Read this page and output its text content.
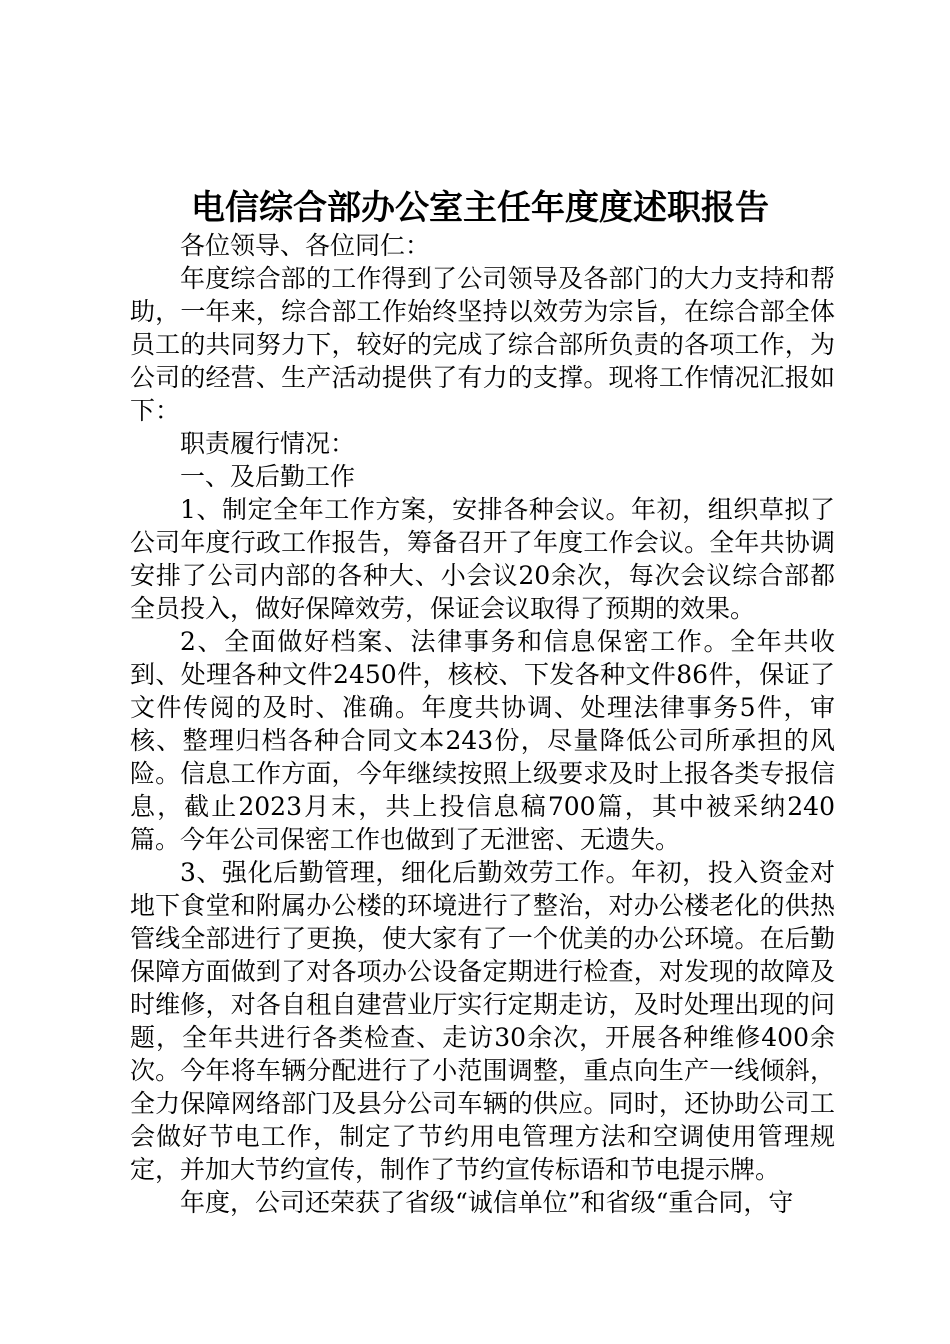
电信综合部办公室主任年度度述职报告

各位领导、各位同仁：

年度综合部的工作得到了公司领导及各部门的大力支持和帮助，一年来，综合部工作始终坚持以效劳为宗旨，在综合部全体员工的共同努力下，较好的完成了综合部所负责的各项工作，为公司的经营、生产活动提供了有力的支撑。现将工作情况汇报如下：

职责履行情况：

一、及后勤工作

1、制定全年工作方案，安排各种会议。年初，组织草拟了公司年度行政工作报告，筹备召开了年度工作会议。全年共协调安排了公司内部的各种大、小会议20余次，每次会议综合部都全员投入，做好保障效劳，保证会议取得了预期的效果。

2、全面做好档案、法律事务和信息保密工作。全年共收到、处理各种文件2450件，核校、下发各种文件86件，保证了文件传阅的及时、准确。年度共协调、处理法律事务5件，审核、整理归档各种合同文本243份，尽量降低公司所承担的风险。信息工作方面，今年继续按照上级要求及时上报各类专报信息，截止2023月末，共上投信息稿700篇，其中被采纳240篇。今年公司保密工作也做到了无泄密、无遗失。

3、强化后勤管理，细化后勤效劳工作。年初，投入资金对地下食堂和附属办公楼的环境进行了整治，对办公楼老化的供热管线全部进行了更换，使大家有了一个优美的办公环境。在后勤保障方面做到了对各项办公设备定期进行检查，对发现的故障及时维修，对各自租自建营业厅实行定期走访，及时处理出现的问题，全年共进行各类检查、走访30余次，开展各种维修400余次。今年将车辆分配进行了小范围调整，重点向生产一线倾斜，全力保障网络部门及县分公司车辆的供应。同时，还协助公司工会做好节电工作，制定了节约用电管理方法和空调使用管理规定，并加大节约宣传，制作了节约宣传标语和节电提示牌。

年度，公司还荣获了省级“诚信单位”和省级“重合同，守
